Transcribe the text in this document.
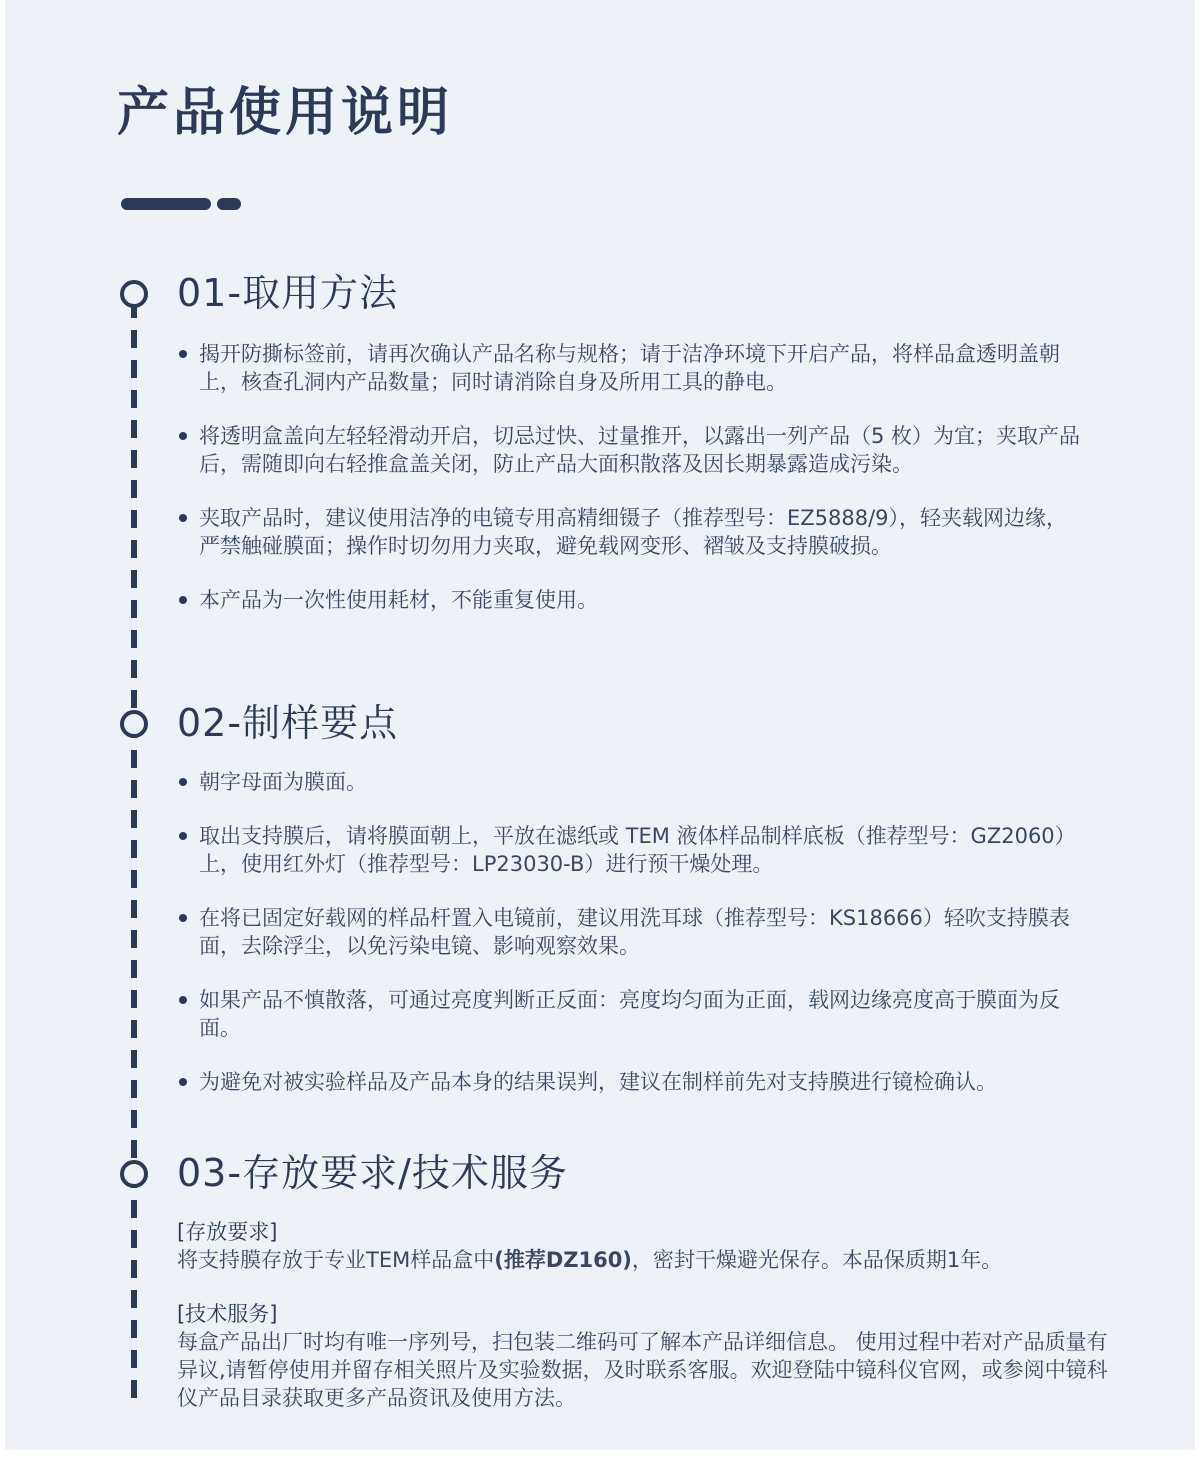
产品使用说明
01-取用方法
揭开防撕标签前，请再次确认产品名称与规格；请于洁净环境下开启产品，将样品盒透明盖朝上，核查孔洞内产品数量；同时请消除自身及所用工具的静电。
将透明盒盖向左轻轻滑动开启，切忌过快、过量推开，以露出一列产品（5 枚）为宜；夹取产品后，需随即向右轻推盒盖关闭，防止产品大面积散落及因长期暴露造成污染。
夹取产品时，建议使用洁净的电镜专用高精细镊子（推荐型号：EZ5888/9），轻夹载网边缘，严禁触碰膜面；操作时切勿用力夹取，避免载网变形、褶皱及支持膜破损。
本产品为一次性使用耗材，不能重复使用。
02-制样要点
朝字母面为膜面。
取出支持膜后，请将膜面朝上，平放在滤纸或 TEM 液体样品制样底板（推荐型号：GZ2060）上，使用红外灯（推荐型号：LP23030-B）进行预干燥处理。
在将已固定好载网的样品杆置入电镜前，建议用洗耳球（推荐型号：KS18666）轻吹支持膜表面，去除浮尘，以免污染电镜、影响观察效果。
如果产品不慎散落，可通过亮度判断正反面：亮度均匀面为正面，载网边缘亮度高于膜面为反面。
为避免对被实验样品及产品本身的结果误判，建议在制样前先对支持膜进行镜检确认。
03-存放要求/技术服务
[存放要求]
将支持膜存放于专业TEM样品盒中(推荐DZ160)，密封干燥避光保存。本品保质期1年。
[技术服务]
每盒产品出厂时均有唯一序列号，扫包装二维码可了解本产品详细信息。 使用过程中若对产品质量有异议,请暂停使用并留存相关照片及实验数据，及时联系客服。欢迎登陆中镜科仪官网，或参阅中镜科仪产品目录获取更多产品资讯及使用方法。
